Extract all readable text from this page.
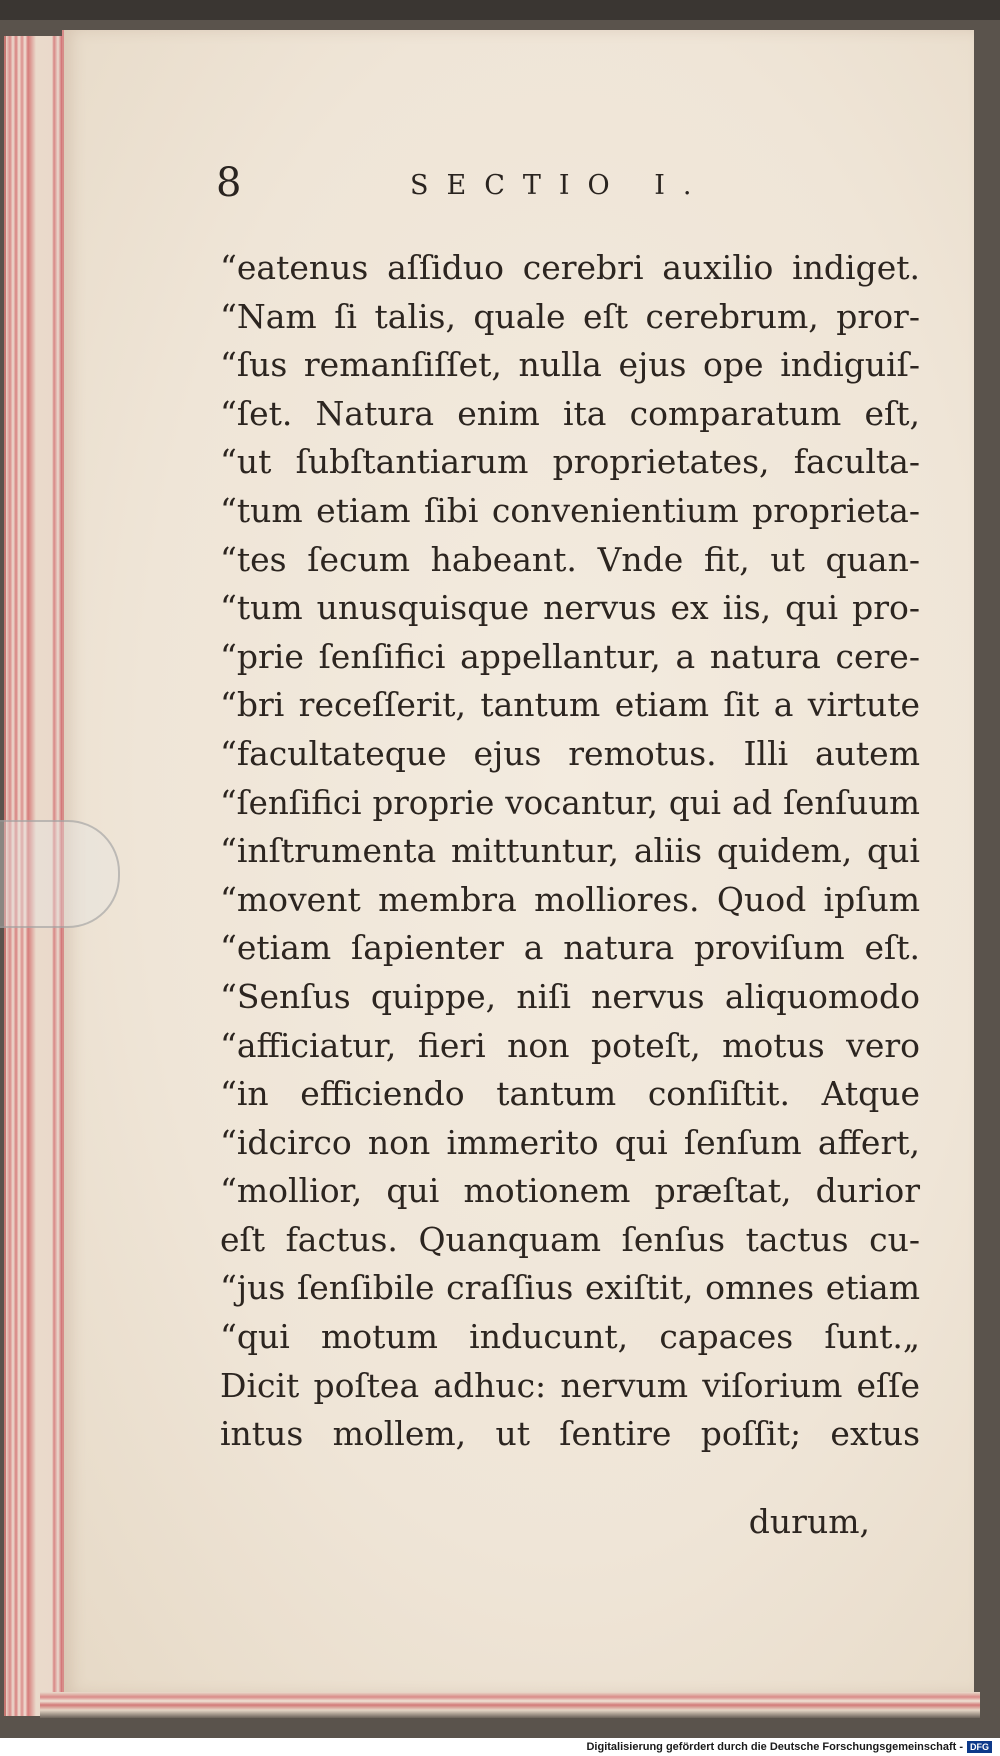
8	SECTIO I.
“eatenus aſſiduo cerebri auxilio indiget.
“Nam ſi talis, quale eſt cerebrum, pror-
“ſus remanſiſſet, nulla ejus ope indiguiſ-
“ſet. Natura enim ita comparatum eſt,
“ut ſubſtantiarum proprietates, faculta-
“tum etiam ſibi convenientium proprieta-
“tes ſecum habeant. Vnde fit, ut quan-
“tum unusquisque nervus ex iis, qui pro-
“prie ſenſifici appellantur, a natura cere-
“bri receſſerit, tantum etiam ſit a virtute
“facultateque ejus remotus. Illi autem
“ſenſifici proprie vocantur, qui ad ſenſuum
“inſtrumenta mittuntur, aliis quidem, qui
“movent membra molliores. Quod ipſum
“etiam ſapienter a natura proviſum eſt.
“Senſus quippe, niſi nervus aliquomodo
“afficiatur, fieri non poteſt, motus vero
“in efficiendo tantum conſiſtit. Atque
“idcirco non immerito qui ſenſum affert,
“mollior, qui motionem præſtat, durior
eſt factus. Quanquam ſenſus tactus cu-
“jus ſenſibile craſſius exiſtit, omnes etiam
“qui motum inducunt, capaces ſunt.„
Dicit poſtea adhuc: nervum viſorium eſſe
intus mollem, ut ſentire poſſit; extus
durum,
Digitalisierung gefördert durch die Deutsche Forschungsgemeinschaft - DFG
